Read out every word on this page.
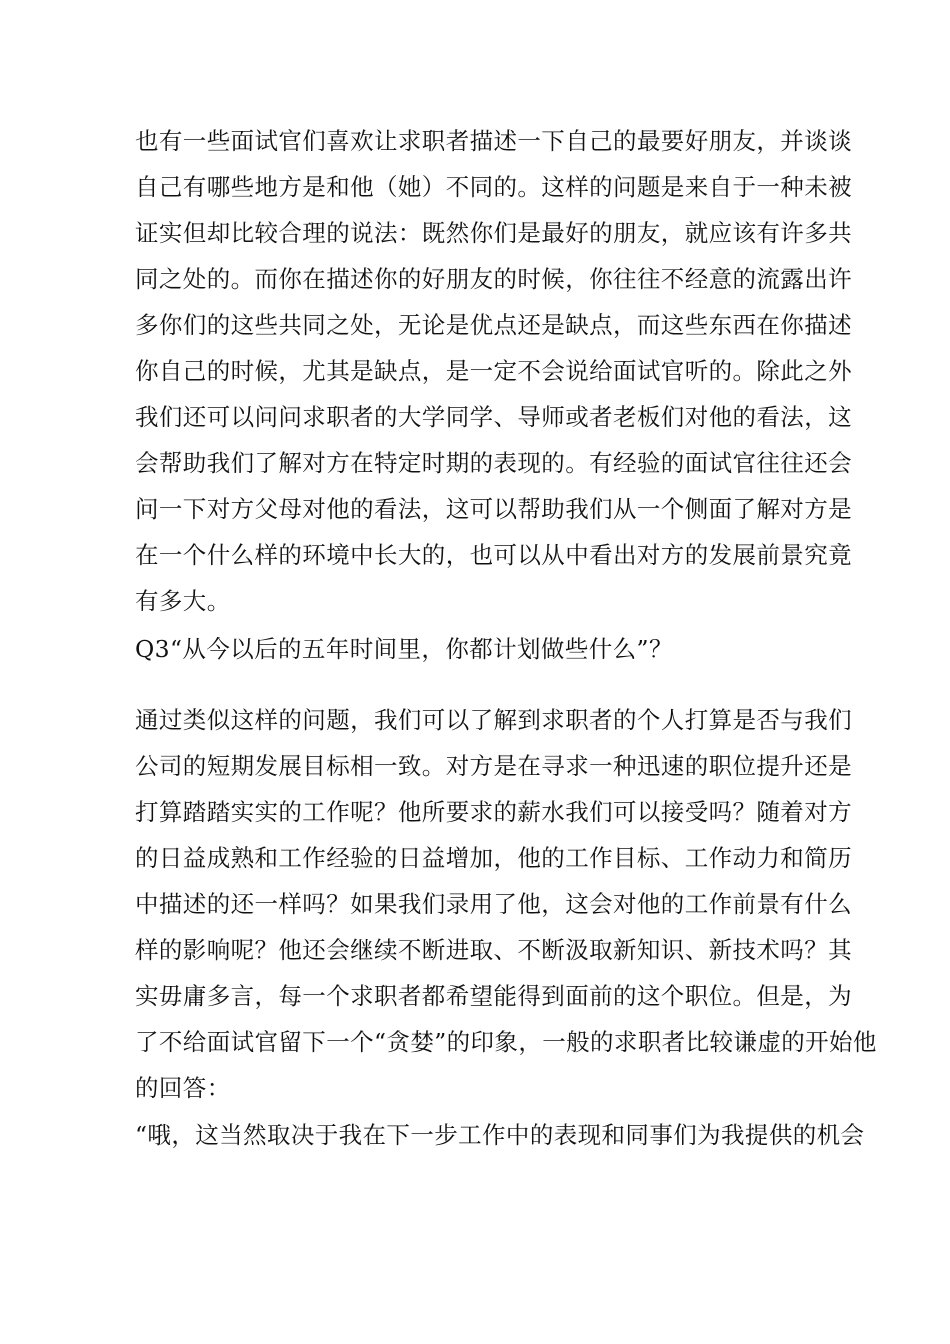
也有一些面试官们喜欢让求职者描述一下自己的最要好朋友，并谈谈
自己有哪些地方是和他（她）不同的。这样的问题是来自于一种未被
证实但却比较合理的说法：既然你们是最好的朋友，就应该有许多共
同之处的。而你在描述你的好朋友的时候，你往往不经意的流露出许
多你们的这些共同之处，无论是优点还是缺点，而这些东西在你描述
你自己的时候，尤其是缺点，是一定不会说给面试官听的。除此之外
我们还可以问问求职者的大学同学、导师或者老板们对他的看法，这
会帮助我们了解对方在特定时期的表现的。有经验的面试官往往还会
问一下对方父母对他的看法，这可以帮助我们从一个侧面了解对方是
在一个什么样的环境中长大的，也可以从中看出对方的发展前景究竟
有多大。
Q3“从今以后的五年时间里，你都计划做些什么”？
通过类似这样的问题，我们可以了解到求职者的个人打算是否与我们
公司的短期发展目标相一致。对方是在寻求一种迅速的职位提升还是
打算踏踏实实的工作呢？他所要求的薪水我们可以接受吗？随着对方
的日益成熟和工作经验的日益增加，他的工作目标、工作动力和简历
中描述的还一样吗？如果我们录用了他，这会对他的工作前景有什么
样的影响呢？他还会继续不断进取、不断汲取新知识、新技术吗？其
实毋庸多言，每一个求职者都希望能得到面前的这个职位。但是，为
了不给面试官留下一个“贪婪”的印象，一般的求职者比较谦虚的开始他
的回答：
“哦，这当然取决于我在下一步工作中的表现和同事们为我提供的机会
